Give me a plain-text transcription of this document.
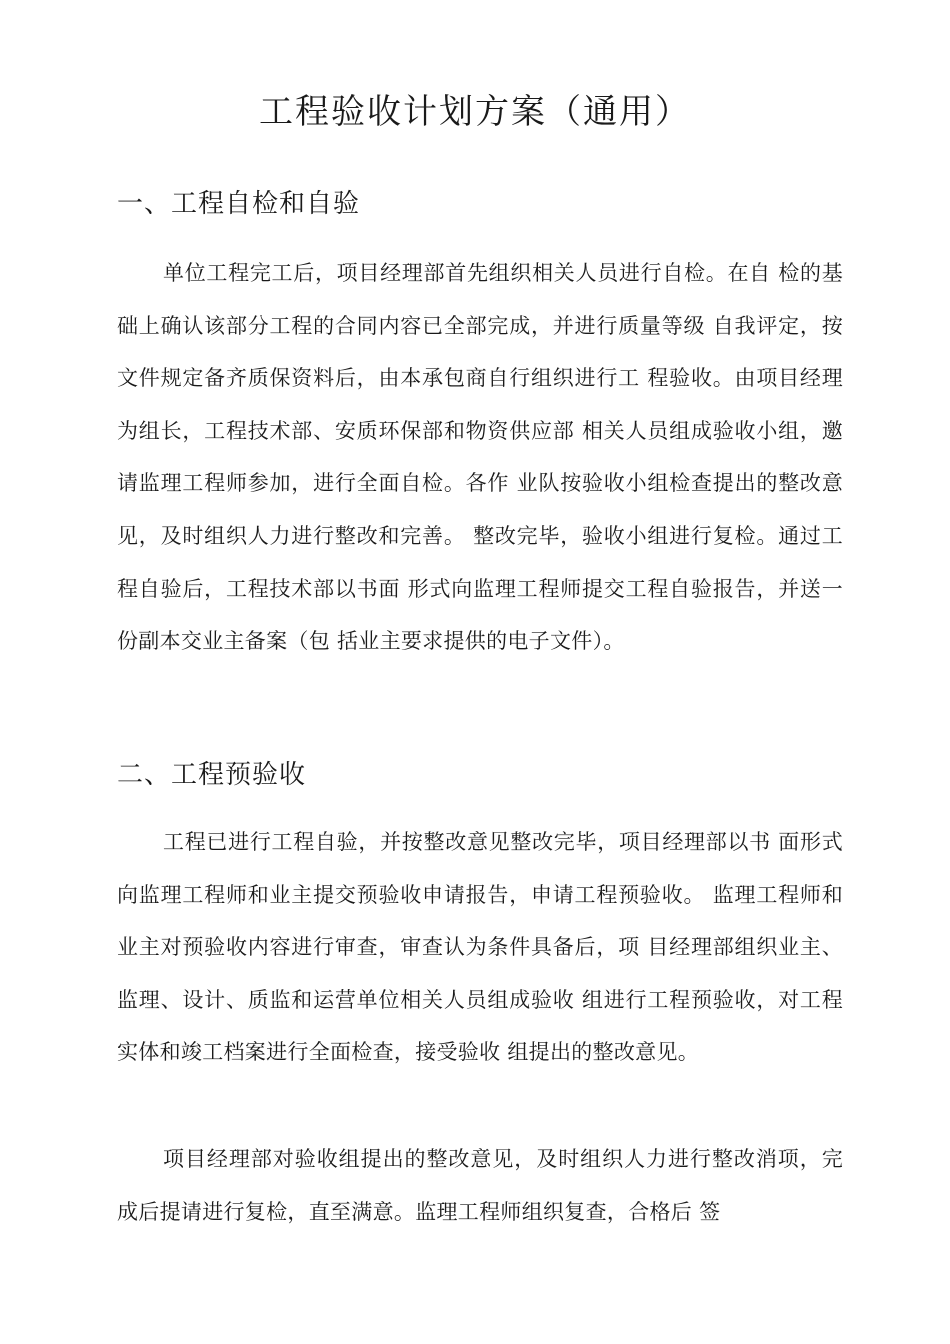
工程验收计划方案（通用）
一、工程自检和自验

单位工程完工后，项目经理部首先组织相关人员进行自检。在自 检的基础上确认该部分工程的合同内容已全部完成，并进行质量等级 自我评定，按文件规定备齐质保资料后，由本承包商自行组织进行工 程验收。由项目经理为组长，工程技术部、安质环保部和物资供应部 相关人员组成验收小组，邀请监理工程师参加，进行全面自检。各作 业队按验收小组检查提出的整改意见，及时组织人力进行整改和完善。 整改完毕，验收小组进行复检。通过工程自验后，工程技术部以书面 形式向监理工程师提交工程自验报告，并送一份副本交业主备案（包 括业主要求提供的电子文件）。

二、工程预验收

工程已进行工程自验，并按整改意见整改完毕，项目经理部以书 面形式向监理工程师和业主提交预验收申请报告，申请工程预验收。 监理工程师和业主对预验收内容进行审查，审查认为条件具备后，项 目经理部组织业主、监理、设计、质监和运营单位相关人员组成验收 组进行工程预验收，对工程实体和竣工档案进行全面检查，接受验收 组提出的整改意见。

项目经理部对验收组提出的整改意见，及时组织人力进行整改消项，完成后提请进行复检，直至满意。监理工程师组织复查，合格后 签
